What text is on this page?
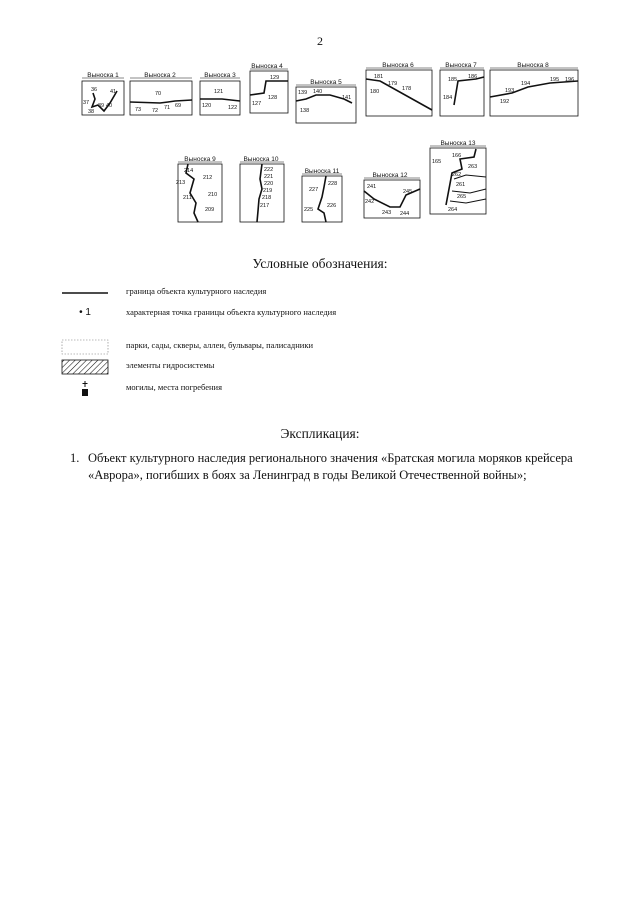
2
Выноска 1
36 41
37 39 40
38
Выноска 2
70
71 69
73 72
Выноска 3
121
120	122
Выноска 4
129
128
127
Выноска 5
139 140
141
138
Выноска 6
181
179
180	178
Выноска 7
185 186
184
Выноска 8
195 196
194
193
192
Выноска 9
214
212
213
210
211
209
Выноска 10
222
221
220
219
218
217
Выноска 11
228
227
226
225
Выноска 12
241
245
242
243 244
Выноска 13
166
165
263
262
261
265
264
Условные обозначения:
граница объекта культурного наследия
• 1	характерная точка границы объекта культурного наследия
парки, сады, скверы, аллеи, бульвары, палисадники
элементы гидросистемы
могилы, места погребения
Экспликация:
1. Объект культурного наследия регионального значения «Братская могила моряков крейсера «Аврора», погибших в боях за Ленинград в годы Великой Отечественной войны»;
